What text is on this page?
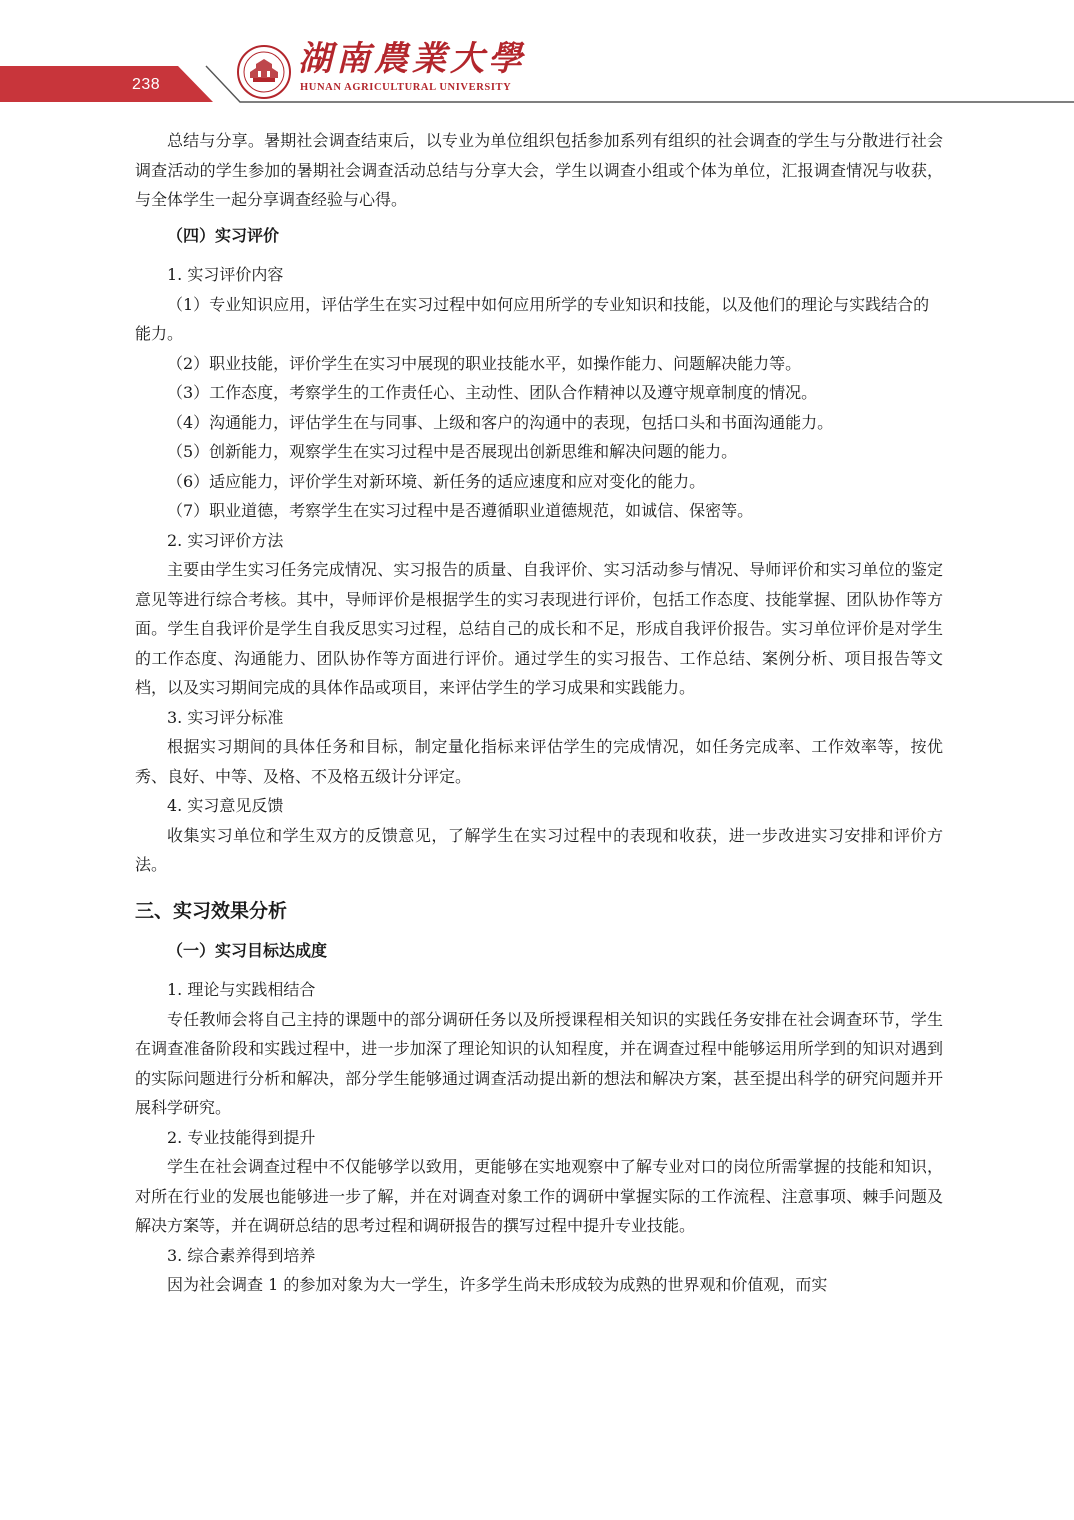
238
湖南農業大學
HUNAN AGRICULTURAL UNIVERSITY

总结与分享。暑期社会调查结束后，以专业为单位组织包括参加系列有组织的社会调查的学生与分散进行社会调查活动的学生参加的暑期社会调查活动总结与分享大会，学生以调查小组或个体为单位，汇报调查情况与收获，与全体学生一起分享调查经验与心得。

（四）实习评价
1. 实习评价内容

（1）专业知识应用，评估学生在实习过程中如何应用所学的专业知识和技能，以及他们的理论与实践结合的能力。

（2）职业技能，评价学生在实习中展现的职业技能水平，如操作能力、问题解决能力等。

（3）工作态度，考察学生的工作责任心、主动性、团队合作精神以及遵守规章制度的情况。

（4）沟通能力，评估学生在与同事、上级和客户的沟通中的表现，包括口头和书面沟通能力。

（5）创新能力，观察学生在实习过程中是否展现出创新思维和解决问题的能力。

（6）适应能力，评价学生对新环境、新任务的适应速度和应对变化的能力。

（7）职业道德，考察学生在实习过程中是否遵循职业道德规范，如诚信、保密等。

2. 实习评价方法

主要由学生实习任务完成情况、实习报告的质量、自我评价、实习活动参与情况、导师评价和实习单位的鉴定意见等进行综合考核。其中，导师评价是根据学生的实习表现进行评价，包括工作态度、技能掌握、团队协作等方面。学生自我评价是学生自我反思实习过程，总结自己的成长和不足，形成自我评价报告。实习单位评价是对学生的工作态度、沟通能力、团队协作等方面进行评价。通过学生的实习报告、工作总结、案例分析、项目报告等文档，以及实习期间完成的具体作品或项目，来评估学生的学习成果和实践能力。

3. 实习评分标准

根据实习期间的具体任务和目标，制定量化指标来评估学生的完成情况，如任务完成率、工作效率等，按优秀、良好、中等、及格、不及格五级计分评定。

4. 实习意见反馈

收集实习单位和学生双方的反馈意见，了解学生在实习过程中的表现和收获，进一步改进实习安排和评价方法。

三、实习效果分析
（一）实习目标达成度
1. 理论与实践相结合

专任教师会将自己主持的课题中的部分调研任务以及所授课程相关知识的实践任务安排在社会调查环节，学生在调查准备阶段和实践过程中，进一步加深了理论知识的认知程度，并在调查过程中能够运用所学到的知识对遇到的实际问题进行分析和解决，部分学生能够通过调查活动提出新的想法和解决方案，甚至提出科学的研究问题并开展科学研究。

2. 专业技能得到提升

学生在社会调查过程中不仅能够学以致用，更能够在实地观察中了解专业对口的岗位所需掌握的技能和知识，对所在行业的发展也能够进一步了解，并在对调查对象工作的调研中掌握实际的工作流程、注意事项、棘手问题及解决方案等，并在调研总结的思考过程和调研报告的撰写过程中提升专业技能。

3. 综合素养得到培养

因为社会调查 1 的参加对象为大一学生，许多学生尚未形成较为成熟的世界观和价值观，而实
